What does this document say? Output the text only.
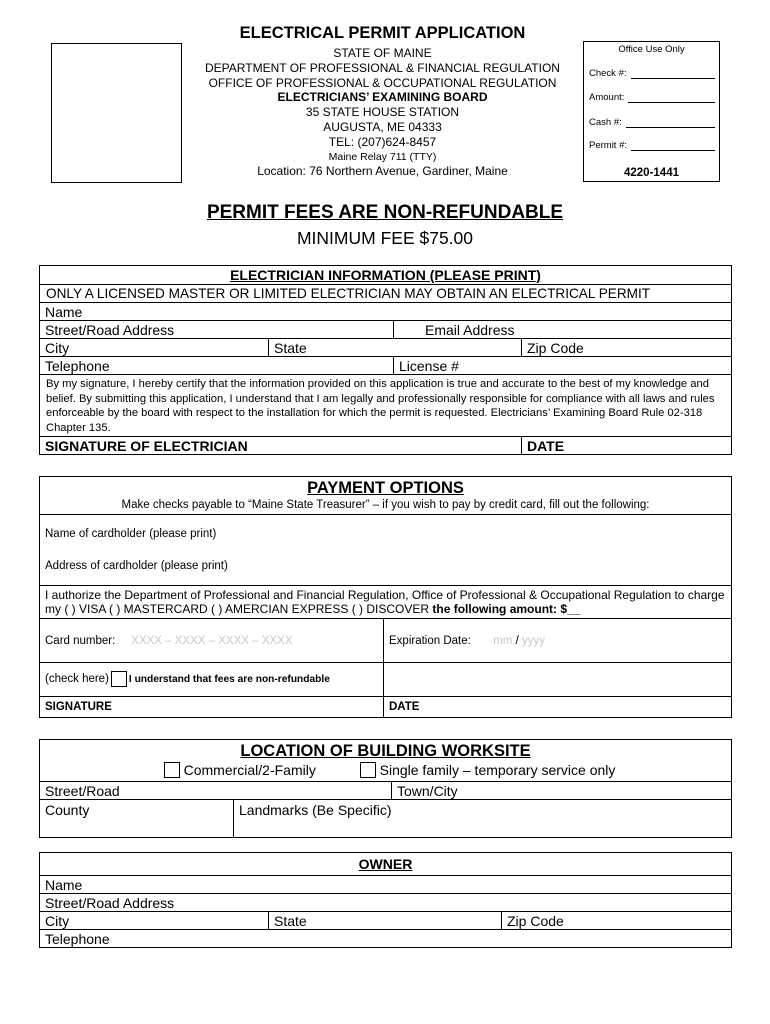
ELECTRICAL PERMIT APPLICATION
STATE OF MAINE
DEPARTMENT OF PROFESSIONAL & FINANCIAL REGULATION
OFFICE OF PROFESSIONAL & OCCUPATIONAL REGULATION
ELECTRICIANS’ EXAMINING BOARD
35 STATE HOUSE STATION
AUGUSTA, ME 04333
TEL: (207)624-8457
Maine Relay 711 (TTY)
Location: 76 Northern Avenue, Gardiner, Maine
Office Use Only
Check #:
Amount:
Cash #:
Permit #:
4220-1441
PERMIT FEES ARE NON-REFUNDABLE
MINIMUM FEE $75.00
ELECTRICIAN INFORMATION (PLEASE PRINT)			
ONLY A LICENSED MASTER OR LIMITED ELECTRICIAN MAY OBTAIN AN ELECTRICAL PERMIT			
Name			
Street/Road Address		Email Address	
City	State		Zip Code
Telephone		License #	
By my signature, I hereby certify that the information provided on this application is true and accurate to the best of my knowledge and belief. By submitting this application, I understand that I am legally and professionally responsible for compliance with all laws and rules enforceable by the board with respect to the installation for which the permit is requested. Electricians’ Examining Board Rule 02-318 Chapter 135.			
SIGNATURE OF ELECTRICIAN			DATE
PAYMENT OPTIONS
Make checks payable to “Maine State Treasurer” – if you wish to pay by credit card, fill out the following:	

Name of cardholder (please print)
Address of cardholder (please print)	

I authorize the Department of Professional and Financial Regulation, Office of Professional & Occupational Regulation to charge my ( ) VISA ( ) MASTERCARD ( ) AMERCIAN EXPRESS ( ) DISCOVER the following amount: $__	
Card number: XXXX – XXXX – XXXX – XXXX	Expiration Date: mm / yyyy
(check here) I understand that fees are non-refundable	
SIGNATURE	DATE
LOCATION OF BUILDING WORKSITE
Commercial/2-Family Single family – temporary service only		

Street/Road		Town/City
County	Landmarks (Be Specific)	
OWNER
Name
Street/Road Address
City	State	Zip Code
Telephone
